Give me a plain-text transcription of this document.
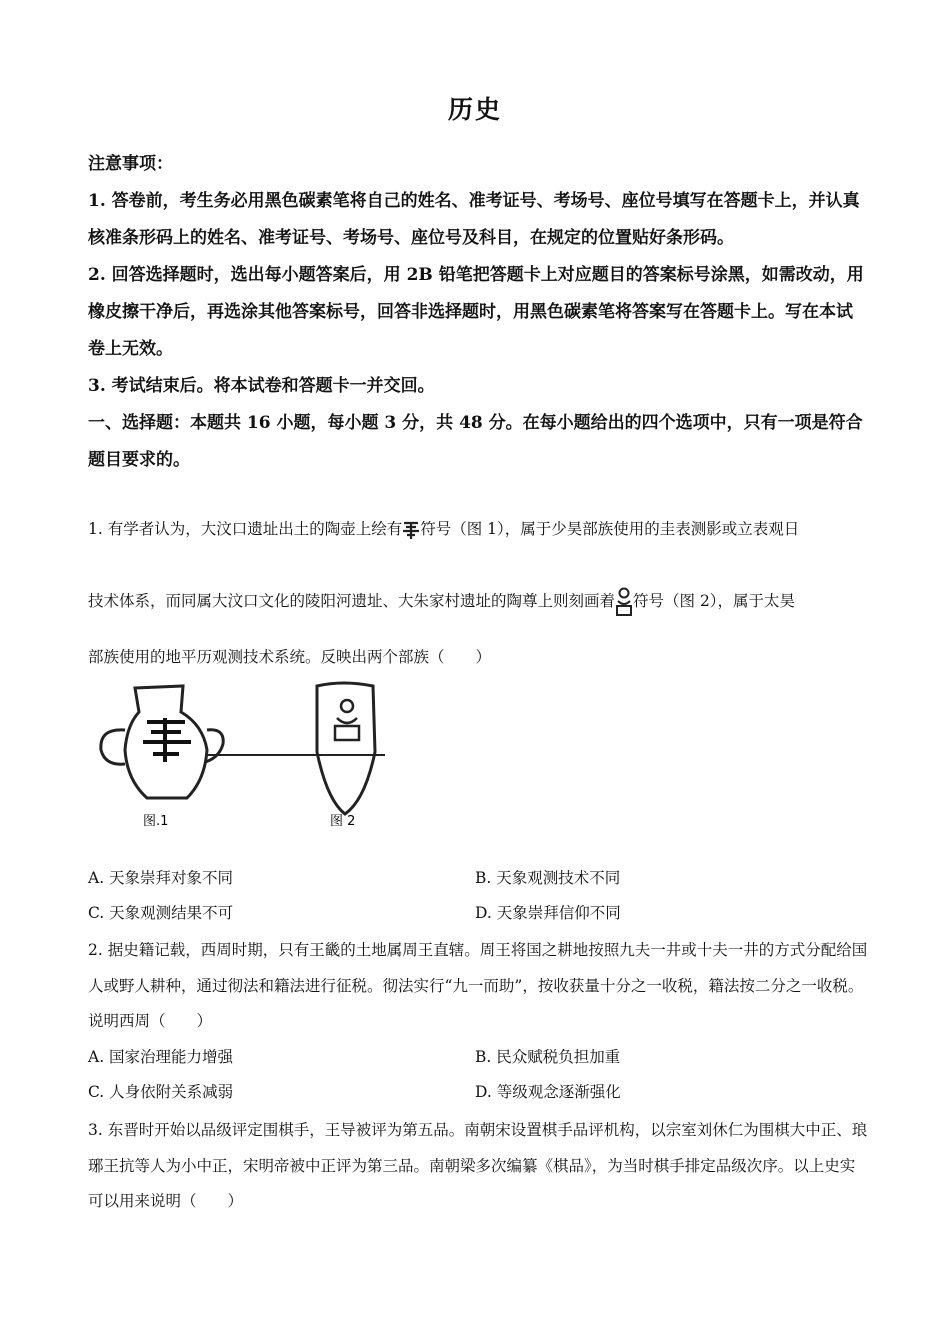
历史

注意事项：

1. 答卷前，考生务必用黑色碳素笔将自己的姓名、准考证号、考场号、座位号填写在答题卡上，并认真核准条形码上的姓名、准考证号、考场号、座位号及科目，在规定的位置贴好条形码。

2. 回答选择题时，选出每小题答案后，用 2B 铅笔把答题卡上对应题目的答案标号涂黑，如需改动，用橡皮擦干净后，再选涂其他答案标号，回答非选择题时，用黑色碳素笔将答案写在答题卡上。写在本试卷上无效。

3. 考试结束后。将本试卷和答题卡一并交回。

一、选择题：本题共 16 小题，每小题 3 分，共 48 分。在每小题给出的四个选项中，只有一项是符合题目要求的。

1. 有学者认为，大汶口遗址出土的陶壶上绘有 符号（图 1），属于少昊部族使用的圭表测影或立表观日

技术体系，而同属大汶口文化的陵阳河遗址、大朱家村遗址的陶尊上则刻画着 符号（图 2），属于太昊

部族使用的地平历观测技术系统。反映出两个部族（　　）

图.1	图 2
A. 天象崇拜对象不同	B. 天象观测技术不同
C. 天象观测结果不可	D. 天象崇拜信仰不同

2. 据史籍记载，西周时期，只有王畿的土地属周王直辖。周王将国之耕地按照九夫一井或十夫一井的方式分配给国人或野人耕种，通过彻法和籍法进行征税。彻法实行“九一而助”，按收获量十分之一收税，籍法按二分之一收税。说明西周（　　）

A. 国家治理能力增强	B. 民众赋税负担加重
C. 人身依附关系减弱	D. 等级观念逐渐强化

3. 东晋时开始以品级评定围棋手，王导被评为第五品。南朝宋设置棋手品评机构，以宗室刘休仁为围棋大中正、琅琊王抗等人为小中正，宋明帝被中正评为第三品。南朝梁多次编纂《棋品》，为当时棋手排定品级次序。以上史实可以用来说明（　　）
